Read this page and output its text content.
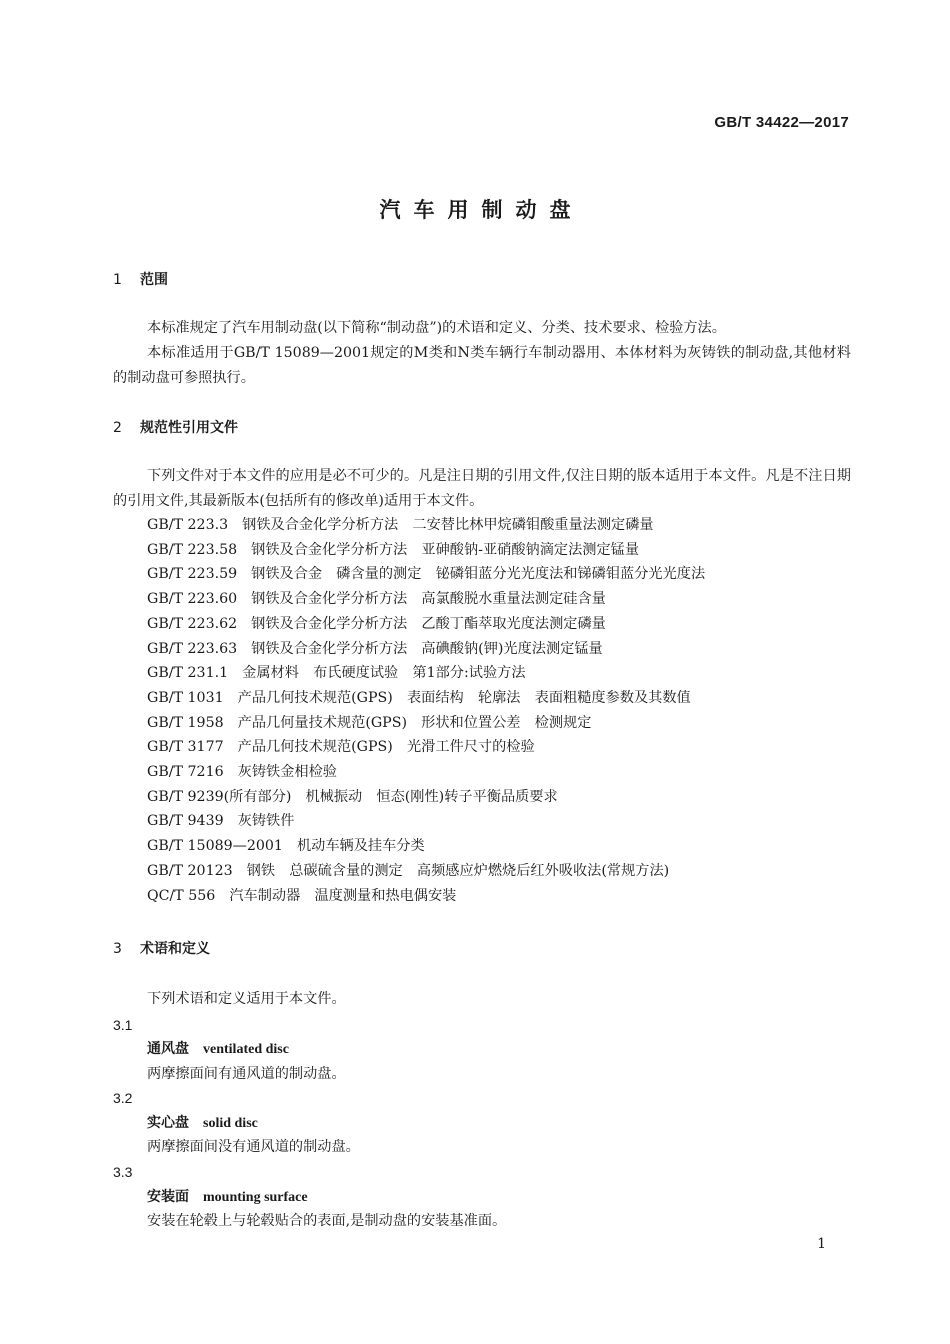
GB/T 34422—2017
汽车用制动盘
1 范围
本标准规定了汽车用制动盘(以下简称“制动盘”)的术语和定义、分类、技术要求、检验方法。
本标准适用于GB/T 15089—2001规定的M类和N类车辆行车制动器用、本体材料为灰铸铁的制动盘,其他材料的制动盘可参照执行。
2 规范性引用文件
下列文件对于本文件的应用是必不可少的。凡是注日期的引用文件,仅注日期的版本适用于本文件。凡是不注日期的引用文件,其最新版本(包括所有的修改单)适用于本文件。
GB/T 223.3 钢铁及合金化学分析方法　二安替比林甲烷磷钼酸重量法测定磷量
GB/T 223.58 钢铁及合金化学分析方法　亚砷酸钠-亚硝酸钠滴定法测定锰量
GB/T 223.59 钢铁及合金　磷含量的测定　铋磷钼蓝分光光度法和锑磷钼蓝分光光度法
GB/T 223.60 钢铁及合金化学分析方法　高氯酸脱水重量法测定硅含量
GB/T 223.62 钢铁及合金化学分析方法　乙酸丁酯萃取光度法测定磷量
GB/T 223.63 钢铁及合金化学分析方法　高碘酸钠(钾)光度法测定锰量
GB/T 231.1 金属材料　布氏硬度试验　第1部分:试验方法
GB/T 1031 产品几何技术规范(GPS)　表面结构　轮廓法　表面粗糙度参数及其数值
GB/T 1958 产品几何量技术规范(GPS)　形状和位置公差　检测规定
GB/T 3177 产品几何技术规范(GPS)　光滑工件尺寸的检验
GB/T 7216 灰铸铁金相检验
GB/T 9239(所有部分) 机械振动　恒态(刚性)转子平衡品质要求
GB/T 9439 灰铸铁件
GB/T 15089—2001 机动车辆及挂车分类
GB/T 20123 钢铁　总碳硫含量的测定　高频感应炉燃烧后红外吸收法(常规方法)
QC/T 556 汽车制动器　温度测量和热电偶安装
3 术语和定义
下列术语和定义适用于本文件。
3.1
通风盘 ventilated disc
两摩擦面间有通风道的制动盘。
3.2
实心盘 solid disc
两摩擦面间没有通风道的制动盘。
3.3
安装面 mounting surface
安装在轮毂上与轮毂贴合的表面,是制动盘的安装基准面。
1
